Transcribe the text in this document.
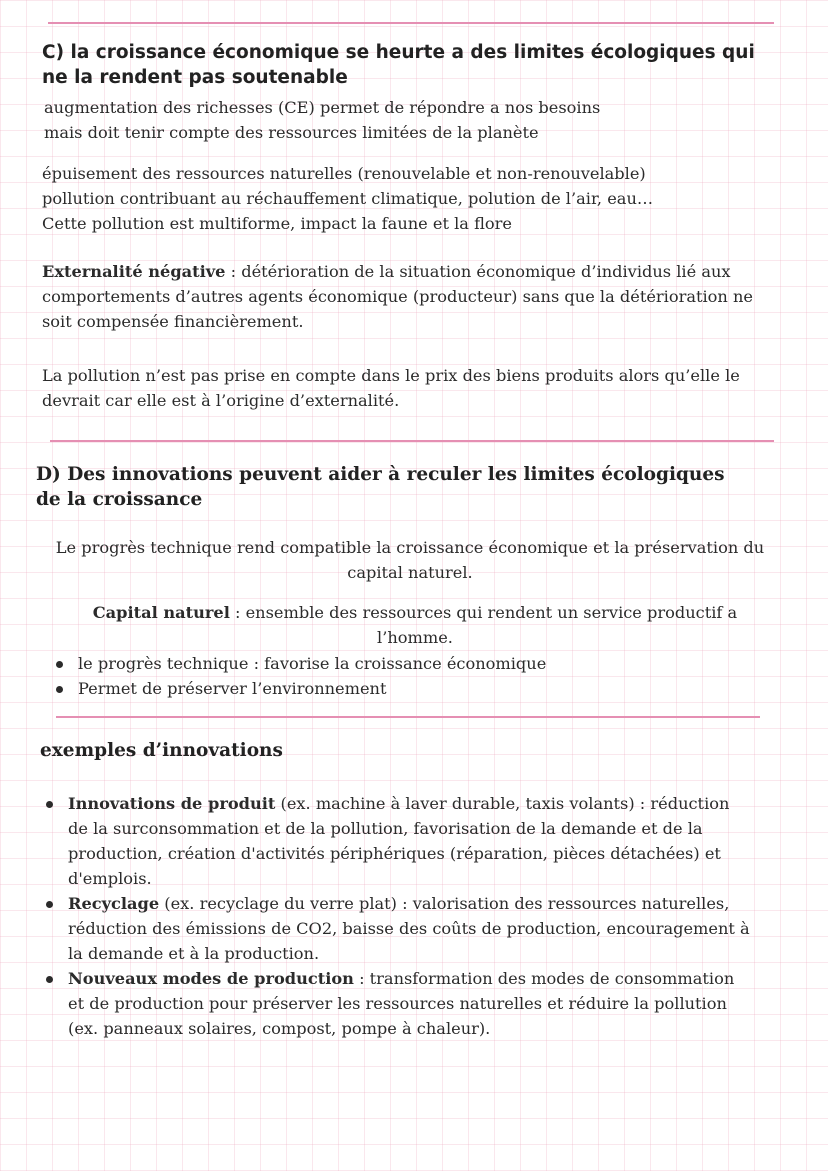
C) la croissance économique se heurte a des limites écologiques qui ne la rendent pas soutenable

augmentation des richesses (CE) permet de répondre a nos besoins

mais doit tenir compte des ressources limitées de la planète

épuisement des ressources naturelles (renouvelable et non-renouvelable)

pollution contribuant au réchauffement climatique, polution de l’air, eau…

Cette pollution est multiforme, impact la faune et la flore

Externalité négative : détérioration de la situation économique d’individus lié aux comportements d’autres agents économique (producteur) sans que la détérioration ne soit compensée financièrement.

La pollution n’est pas prise en compte dans le prix des biens produits alors qu’elle le devrait car elle est à l’origine d’externalité.

D) Des innovations peuvent aider à reculer les limites écologiques de la croissance

Le progrès technique rend compatible la croissance économique et la préservation du capital naturel.

Capital naturel : ensemble des ressources qui rendent un service productif a l’homme.

le progrès technique : favorise la croissance économique
Permet de préserver l’environnement
exemples d’innovations
Innovations de produit (ex. machine à laver durable, taxis volants) : réduction de la surconsommation et de la pollution, favorisation de la demande et de la production, création d'activités périphériques (réparation, pièces détachées) et d'emplois.
Recyclage (ex. recyclage du verre plat) : valorisation des ressources naturelles, réduction des émissions de CO2, baisse des coûts de production, encouragement à la demande et à la production.
Nouveaux modes de production : transformation des modes de consommation et de production pour préserver les ressources naturelles et réduire la pollution (ex. panneaux solaires, compost, pompe à chaleur).
